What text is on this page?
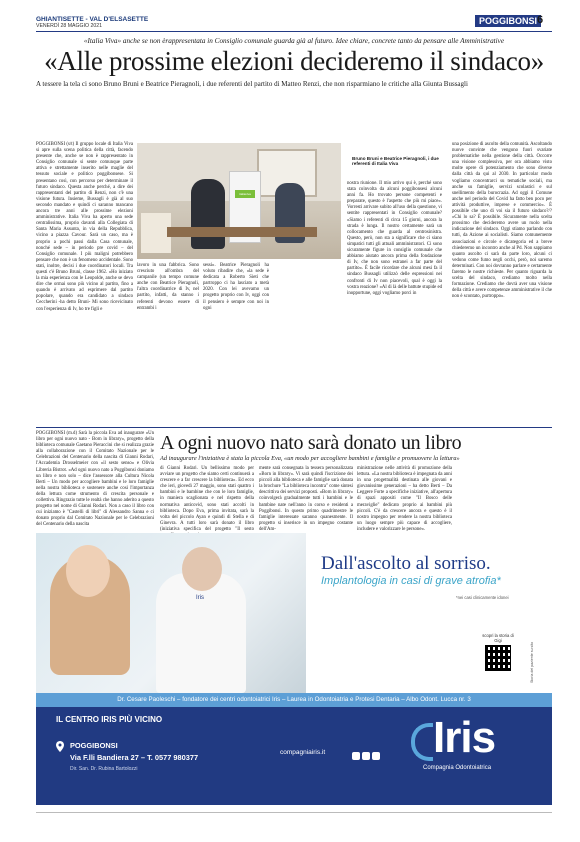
GHIANTISETTE - VAL D'ELSASETTE
VENERDÌ 28 MAGGIO 2021	POGGIBONSI 6
«Italia Viva» anche se non èrappresentata in Consiglio comunale guarda già al futuro. Idee chiare, concrete tanto da pensare alle Amministrative
«Alle prossime elezioni decideremo il sindaco»
A tessere la tela ci sono Bruno Bruni e Beatrice Pieragnoli, i due referenti del partito di Matteo Renzi, che non risparmiano le critiche alla Giunta Bussagli
POGGIBONSI (s/t) Il gruppo locale di Italia Viva si apre sulla scena politica della città, facendo presente che, anche se non è rappresentato in Consiglio comunale si sente comunque parte attiva e strettamente inserito nelle maglie del tessuto sociale e politico poggibonsese. Si presentano così, con percorso per determinare il futuro sindaco. Questa anche perché, a dire dei rappresentanti del partito di Renzi, non c'è una visione futura. Insieme, Bussagli è già al suo secondo mandato e quindi ci saranno mancano ancora tre anni alle prossime elezioni amministrative. Italia Viva ha aperto una sede centralissima, proprio davanti alla Collegiata di Santa Maria Assunta, in via della Repubblica, vicino a piazza Cavour. Sarà un caso, ma è proprio a pochi passi dalla Casa comunale, nonché sede – in periodo pre covid – del Consiglio comunale. I più maligni potrebbero pensare che non è un fenomeno accidentale. Sono stati, inoltre, decisi i due coordinatori locali. Tra questi c'è Bruno Bruni, classe 1962. «Ho iniziato la mia esperienza con le Leopolde, anche se devo dire che ormai sono più vicino al partito, fino a quando è arrivato ad esprimere dal partito popolare, quando era candidato a sindaco Ceccherini -ha detto Bruni- Mi sono ricevicinato con l'esperienza di Iv, ho tre figli e
italiaviva
Bruno Bruni e Beatrice Pieragnoli, i due referenti di Italia Viva
lavoro in una fabbrica. Sono cresciuto all'ombra del campanile (un tempo comune anche con Beatrice Pieragnoli, l'altra coordinatrice di Iv, nel partito, infatti, da stanno i referenti devono essere di entrambi i
sessi». Beatrice Pieragnoli ha voluto ribadire che, «la sede è dedicata a Roberto Sieti che partroppo ci ha lasciato a metà 2020. Con lei avevamo un progetto proprio con Iv, oggi con il pensiero è sempre con noi in ogni
nostra riunione. Il mio arrivo qui è, perché sono stata coinvolta da alcuni poggibonsesi alcuni anni fa. Ho trovato persone competenti e preparate, questo è l'aspetto che più mi piace». Vorresti arrivare subito all'uso della questione, vi sentite rappresentati in Consiglio comunale? «Siamo i referenti di circa 15 giorni, ancora la strada è lunga. Il nostro certamente sarà un collocamento che guarda al centrosinistra. Questo, però, non sta a significare che ci siano simpatici tutti gli attuali amministratori. Ci sono sicuramente figure in consiglio comunale che abbiamo aiutato ancora prima della fondazione di Iv, che non sono estranei a far parte del partito». È facile ricordare che alcuni mesi fa il sindaco Bussagli utilizzò delle espressioni nei confronti di Iv non piacevoli, qual è oggi la vostra reazione? «Al di là delle battute stupide ed inopportune, oggi vogliamo porci in
una posizione di ascolto della comunità. Ascoltando nuove convinte che vengono fuori svariate problematiche nella gestione della città. Occorre una visione complessiva, per ora abbiamo visto molte opere di potenziamento che sono diverse dalla città da qui al 2030. In particolar modo vogliamo concentrarci su tematiche sociali, ma anche su famiglie, servizi scolastici e sul snellimento della burocrazia. Ad oggi il Comune anche nel periodo del Covid ha fatto ben poco per attività produttive, imprese e commercio». È possibile che uno di voi sia il futuro sindaco?/? «Chi lo sa? È possibile. Sicuramente nella scelta prossimo che decideremo avere un ruolo nella indicazione del sindaco. Oggi stiamo parlando con tutti, da Azione ai socialisti. Siamo comunemente associazioni e circole e dicategoria ed a breve chiederemo un incontro anche al Pd. Non sappiamo quanto ascolto ci sarà da parte loro, alcuni ci vedono come fumo negli occhi, però, noi saremo determinati. Con noi dovranno parlare e certamente faremo le nostre richieste. Per quanto riguarda la scelta del sindaco, crediamo molto nella formazione. Crediamo che dovrà aver una visione della città e avere competenze amministrative il che non è scontato, purtroppo».
POGGIBONSI (m.d) Sarà la piccola Eva ad inaugurare «Un libro per ogni nuovo nato - Born in library», progetto della biblioteca comunale Gaetano Pieraccini che si realizza grazie alla collaborazione con il Comitato Nazionale per le Celebrazioni del Centenario della nascita di Gianni Rodari, l'Accademia Drosselmeier con «il sesto senso» e Olivia Libreria Bistrot. «Ad ogni nuovo nato a Poggibonsi doniamo un libro e non solo – dice l'assessore alla Cultura Nicola Berti – Un modo per accogliere bambini e le loro famiglie nella nostra biblioteca e sostenere anche così l'importanza della lettura come strumento di crescita personale e collettiva. Ringrazio tutte le realtà che hanno aderito a questo progetto nel nome di Gianni Rodari. Non a caso il libro con cui iniziamo è "Castelli di libri" di Alessandro Sanna e ci donato proprio dal Comitato Nazionale per le Celebrazioni del Centenario della nascita
A ogni nuovo nato sarà donato un libro
Ad inaugurare l'iniziativa è stata la piccola Eva, «un modo per accogliere bambini e famiglie e promuovere la lettura»
di Gianni Rodari. Un bellissimo modo per avviare un progetto che siamo certi continuerà a crescere e a far crescere la biblioteca». Ed ecco che ieri, giovedì 27 maggio, sono stati quattro i bambini e le bambine che con le loro famiglie, in maniera scaglionata e nel rispetto della normativa anticovid, sono stati accolti in biblioteca. Dopo Eva, prima invitata, sarà la volta del piccolo Ayan e quindi di Stella e di Ginevra. A tutti loro sarà donato il libro (iniziativa specifica del progetto "Il sesto
mente sarà consegnata la tessera personalizzata «Born in library». Vi sarà quindi l'iscrizione dei piccoli alla biblioteca e alle famiglie sarà donata la brochure "La biblioteca incontra" come sintesi descrittiva dei servizi proposti. «Born in library» coinvolgerà gradualmente tutti i bambini e le bambine nate nell'anno in corso e residenti a Poggibonsi. In questo primo quadrimestre le famiglie interessate saranno quanesmente. Il progetto si inserisce in un impegno costante dell'Am-
ministrazione nelle attività di promozione della lettura. «La nostra biblioteca è impegnata da anni in una progettualità destinata alle giovani e giovanissime generazioni – ha detto Berti – Da Leggere Forte a specifiche iniziative, all'apertura di spazi appositi come "Il Bosco delle meraviglie" dedicato proprio ai bambini più piccoli. C'è da crescere ancora e questo è il nostro impegno per rendere la nostra biblioteca un luogo sempre più capace di accogliere, includere e valorizzare le persone».
Iris
Dall'ascolto al sorriso.
Implantologia in casi di grave atrofia*
*nei casi clinicamente idonei
scopri la storia di Gigi
Storia del paziente su sito
Dr. Cesare Paoleschi – fondatore dei centri odontoiatrici Iris – Laurea in Odontoiatria e Protesi Dentaria – Albo Odont. Lucca nr. 3
IL CENTRO IRIS PIÙ VICINO
POGGIBONSI
Via F.lli Bandiera 27 – T. 0577 980377
Dir. San. Dr. Rubina Bartolozzi
compagniairis.it Iris
Compagnia Odontoiatrica
